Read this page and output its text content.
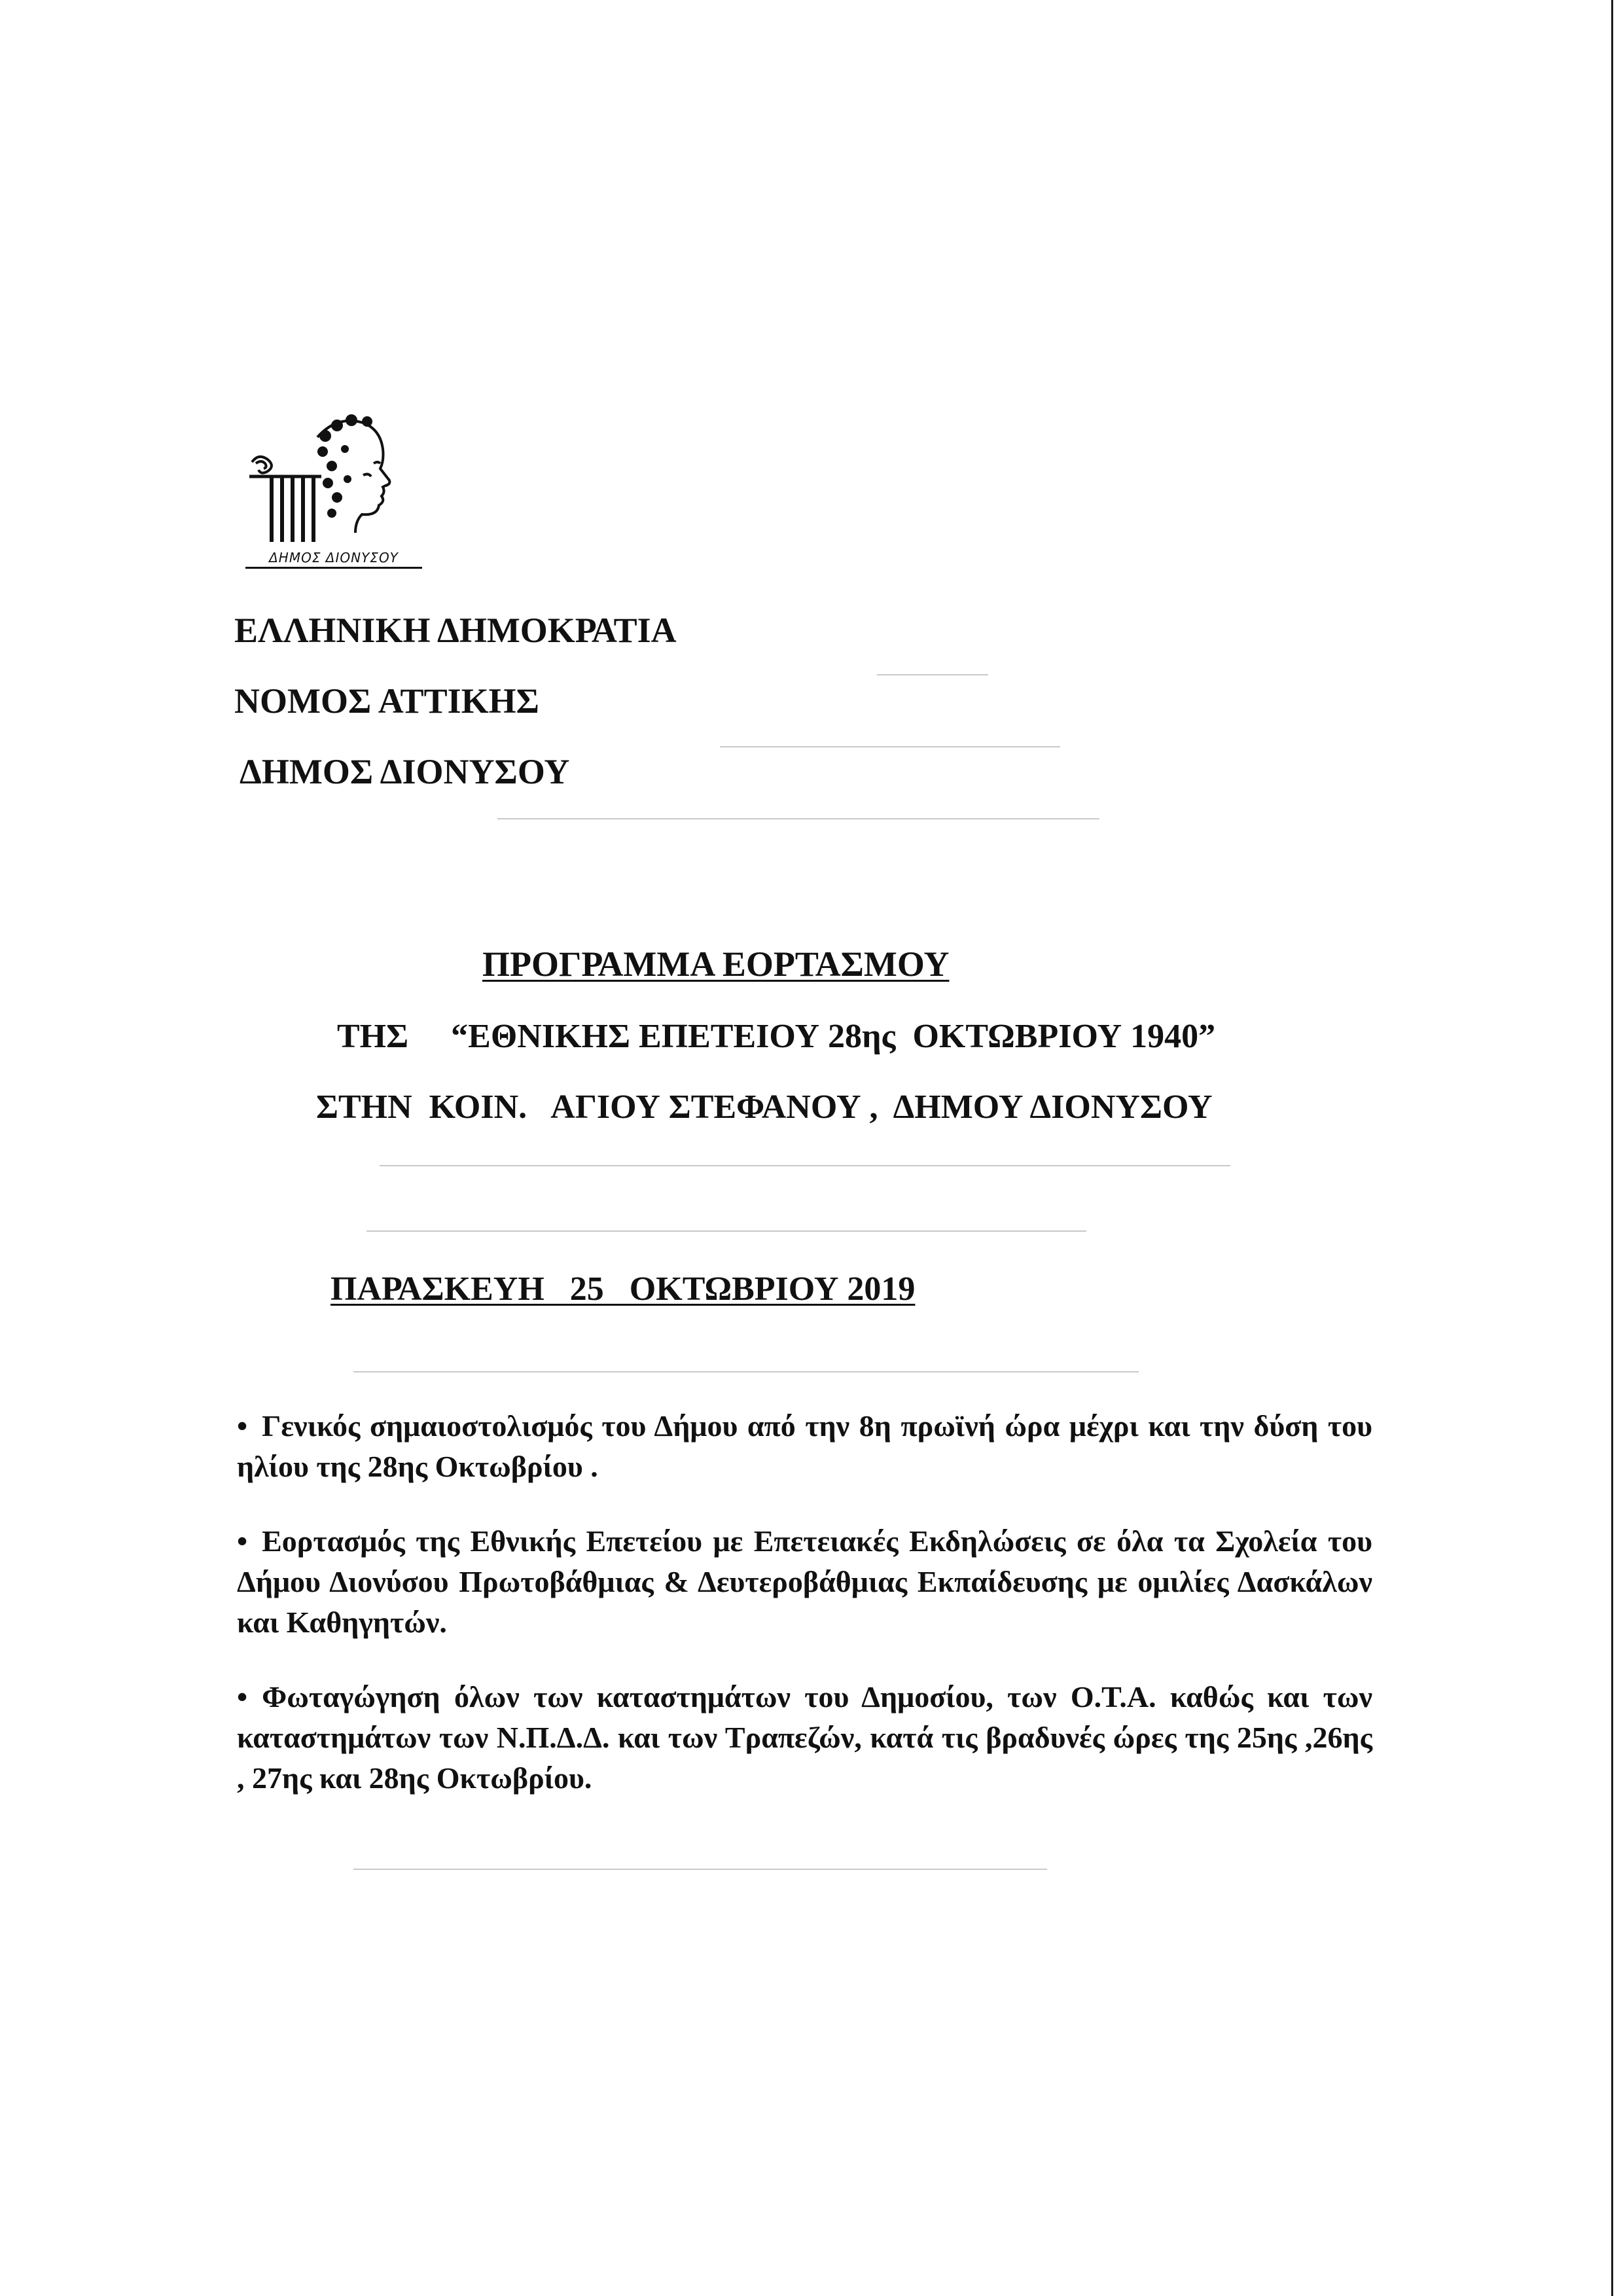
ΔΗΜΟΣ ΔΙΟΝΥΣΟΥ
ΕΛΛΗΝΙΚΗ ΔΗΜΟΚΡΑΤΙΑ
ΝΟΜΟΣ ΑΤΤΙΚΗΣ
ΔΗΜΟΣ ΔΙΟΝΥΣΟΥ
ΠΡΟΓΡΑΜΜΑ ΕΟΡΤΑΣΜΟΥ
ΤΗΣ     “ΕΘΝΙΚΗΣ ΕΠΕΤΕΙΟΥ 28ης  ΟΚΤΩΒΡΙΟΥ 1940”
ΣΤΗΝ  ΚΟΙΝ.   ΑΓΙΟΥ ΣΤΕΦΑΝΟΥ ,  ΔΗΜΟΥ ΔΙΟΝΥΣΟΥ
ΠΑΡΑΣΚΕΥΗ   25   ΟΚΤΩΒΡΙΟΥ 2019
• Γενικός σημαιοστολισμός του Δήμου από την 8η πρωϊνή ώρα μέχρι και την δύση του ηλίου της 28ης Οκτωβρίου .
• Εορτασμός της Εθνικής Επετείου με Επετειακές Εκδηλώσεις σε όλα τα Σχολεία του Δήμου Διονύσου Πρωτοβάθμιας & Δευτεροβάθμιας Εκπαίδευσης με ομιλίες Δασκάλων και Καθηγητών.
• Φωταγώγηση όλων των καταστημάτων του Δημοσίου, των Ο.Τ.Α. καθώς και των καταστημάτων των Ν.Π.Δ.Δ. και των Τραπεζών, κατά τις βραδυνές ώρες της 25ης ,26ης , 27ης και 28ης Οκτωβρίου.
